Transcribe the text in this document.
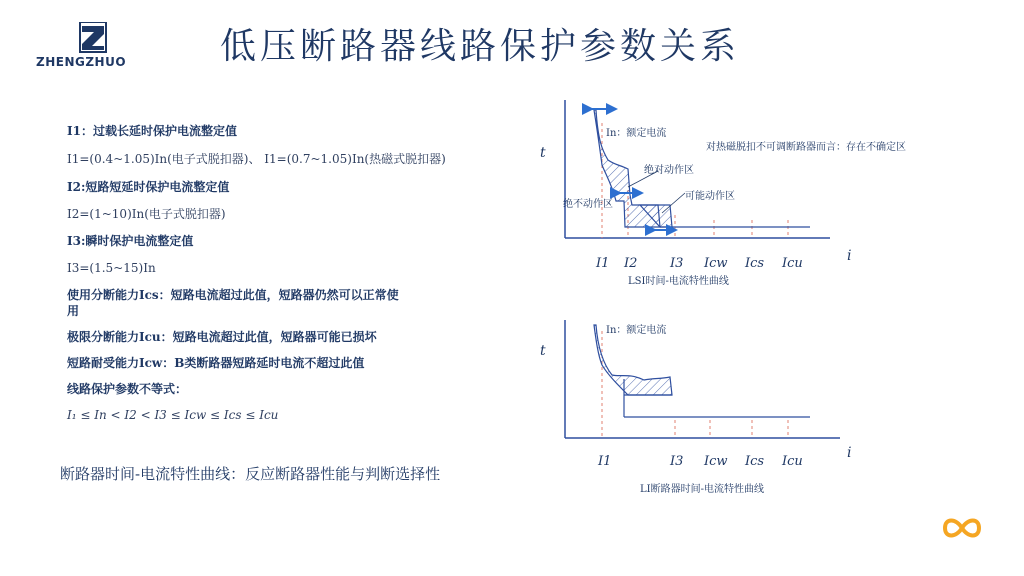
ZHENGZHUO	低压断路器线路保护参数关系
I1：过载长延时保护电流整定值
I1=(0.4~1.05)In(电子式脱扣器)、 I1=(0.7~1.05)In(热磁式脱扣器)
I2:短路短延时保护电流整定值
I2=(1~10)In(电子式脱扣器)
I3:瞬时保护电流整定值
I3=(1.5~15)In
使用分断能力Ics：短路电流超过此值，短路器仍然可以正常使
用
极限分断能力Icu：短路电流超过此值，短路器可能已损坏
短路耐受能力Icw：B类断路器短路延时电流不超过此值
线路保护参数不等式：
I₁ ≤ In < I2 < I3 ≤ Icw ≤ Ics ≤ Icu
断路器时间-电流特性曲线：反应断路器性能与判断选择性
t
i
In：额定电流
对热磁脱扣不可调断路器而言：存在不确定区
绝对动作区
可能动作区
绝不动作区
I1 I2	I3 Icw Ics Icu
LSI时间-电流特性曲线
t
i
In：额定电流
I1	I3 Icw Ics Icu
LI断路器时间-电流特性曲线
